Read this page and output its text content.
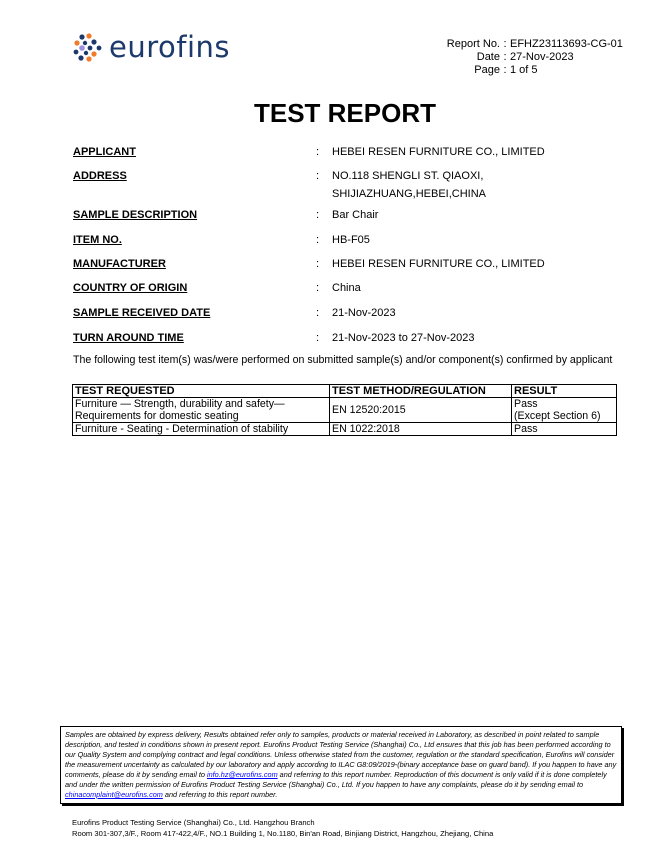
eurofins	Report No. : EFHZ23113693-CG-01
Date : 27-Nov-2023
Page : 1 of 5
TEST REPORT
APPLICANT	: HEBEI RESEN FURNITURE CO., LIMITED
ADDRESS	: NO.118 SHENGLI ST. QIAOXI,
SHIJIAZHUANG,HEBEI,CHINA
SAMPLE DESCRIPTION	: Bar Chair
ITEM NO.	: HB-F05
MANUFACTURER	: HEBEI RESEN FURNITURE CO., LIMITED
COUNTRY OF ORIGIN	: China
SAMPLE RECEIVED DATE	: 21-Nov-2023
TURN AROUND TIME	: 21-Nov-2023 to 27-Nov-2023
The following test item(s) was/were performed on submitted sample(s) and/or component(s) confirmed by applicant
TEST REQUESTED	TEST METHOD/REGULATION	RESULT
Furniture — Strength, durability and safety—
Requirements for domestic seating	EN 12520:2015	Pass
(Except Section 6)
Furniture - Seating - Determination of stability	EN 1022:2018	Pass
Samples are obtained by express delivery, Results obtained refer only to samples, products or material received in Laboratory, as described in point related to sample description, and tested in conditions shown in present report. Eurofins Product Testing Service (Shanghai) Co., Ltd ensures that this job has been performed according to our Quality System and complying contract and legal conditions. Unless otherwise stated from the customer, regulation or the standard specification, Eurofins will consider the measurement uncertainty as calculated by our laboratory and apply according to ILAC G8:09/2019-(binary acceptance base on guard band). If you happen to have any comments, please do it by sending email to info.hz@eurofins.com and referring to this report number. Reproduction of this document is only valid if it is done completely and under the written permission of Eurofins Product Testing Service (Shanghai) Co., Ltd. If you happen to have any complaints, please do it by sending email to chinacomplaint@eurofins.com and referring to this report number.
Eurofins Product Testing Service (Shanghai) Co., Ltd. Hangzhou Branch
Room 301-307,3/F., Room 417-422,4/F., NO.1 Building 1, No.1180, Bin'an Road, Binjiang District, Hangzhou, Zhejiang, China
